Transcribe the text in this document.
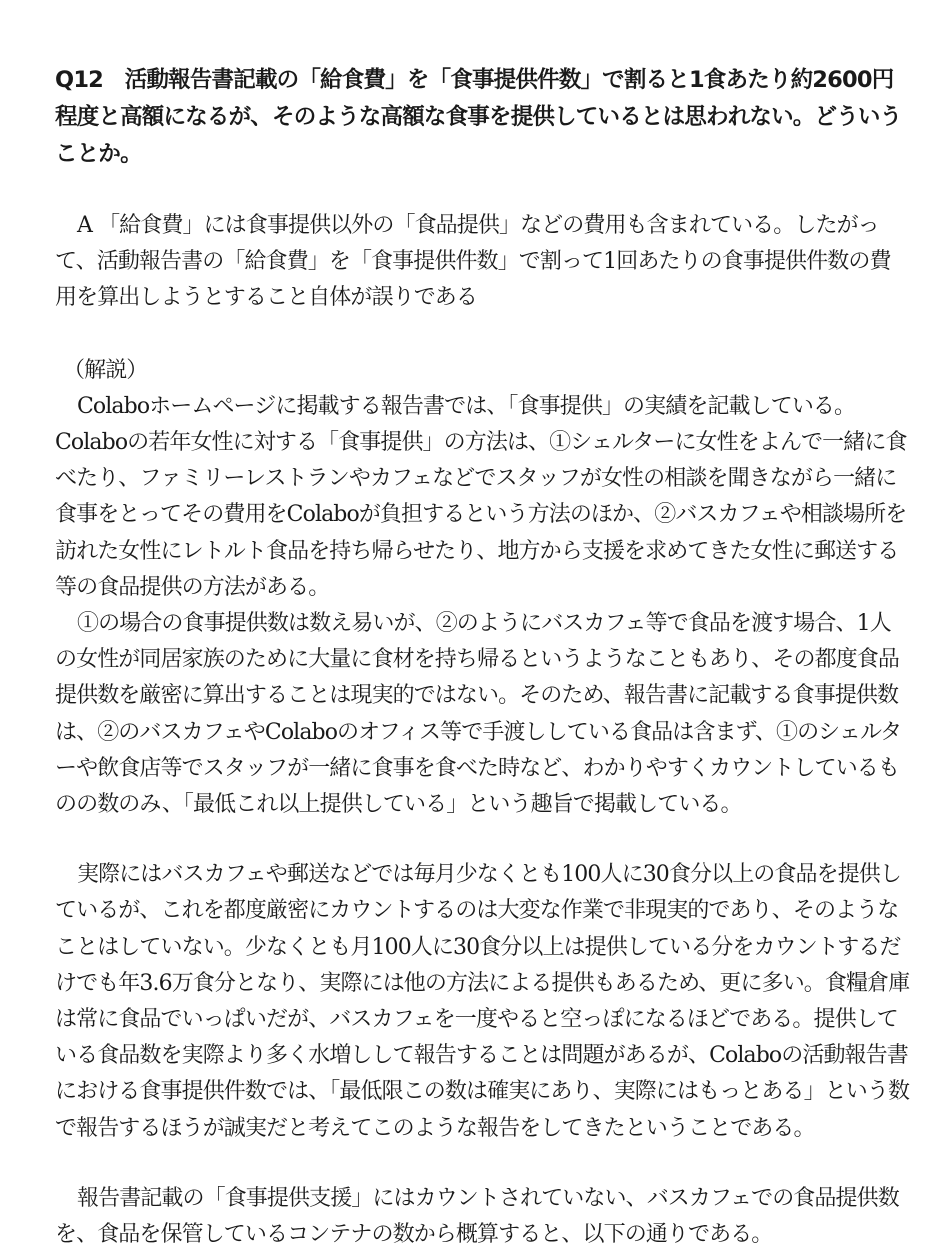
Q12　活動報告書記載の「給食費」を「食事提供件数」で割ると1食あたり約2600円程度と高額になるが、そのような高額な食事を提供しているとは思われない。どういうことか。

A 「給食費」には食事提供以外の「食品提供」などの費用も含まれている。したがって、活動報告書の「給食費」を「食事提供件数」で割って1回あたりの食事提供件数の費用を算出しようとすること自体が誤りである

（解説）

Colaboホームページに掲載する報告書では、「食事提供」の実績を記載している。

Colaboの若年女性に対する「食事提供」の方法は、①シェルターに女性をよんで一緒に食べたり、ファミリーレストランやカフェなどでスタッフが女性の相談を聞きながら一緒に食事をとってその費用をColaboが負担するという方法のほか、②バスカフェや相談場所を訪れた女性にレトルト食品を持ち帰らせたり、地方から支援を求めてきた女性に郵送する等の食品提供の方法がある。

①の場合の食事提供数は数え易いが、②のようにバスカフェ等で食品を渡す場合、1人の女性が同居家族のために大量に食材を持ち帰るというようなこともあり、その都度食品提供数を厳密に算出することは現実的ではない。そのため、報告書に記載する食事提供数は、②のバスカフェやColaboのオフィス等で手渡ししている食品は含まず、①のシェルターや飲食店等でスタッフが一緒に食事を食べた時など、わかりやすくカウントしているものの数のみ、「最低これ以上提供している」という趣旨で掲載している。

実際にはバスカフェや郵送などでは毎月少なくとも100人に30食分以上の食品を提供しているが、これを都度厳密にカウントするのは大変な作業で非現実的であり、そのようなことはしていない。少なくとも月100人に30食分以上は提供している分をカウントするだけでも年3.6万食分となり、実際には他の方法による提供もあるため、更に多い。食糧倉庫は常に食品でいっぱいだが、バスカフェを一度やると空っぽになるほどである。提供している食品数を実際より多く水増しして報告することは問題があるが、Colaboの活動報告書における食事提供件数では、「最低限この数は確実にあり、実際にはもっとある」という数で報告するほうが誠実だと考えてこのような報告をしてきたということである。

報告書記載の「食事提供支援」にはカウントされていない、バスカフェでの食品提供数を、食品を保管しているコンテナの数から概算すると、以下の通りである。
